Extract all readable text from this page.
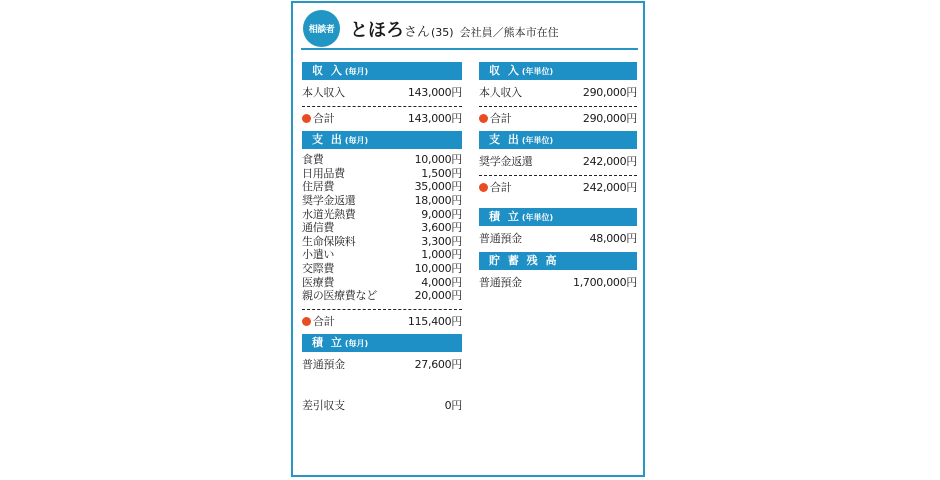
相談者 とほろさん(35) 会社員／熊本市在住
収 入(毎月)
本人収入	143,000円
合計	143,000円
支 出(毎月)
食費	10,000円
日用品費	1,500円
住居費	35,000円
奨学金返還	18,000円
水道光熱費	9,000円
通信費	3,600円
生命保険料	3,300円
小遣い	1,000円
交際費	10,000円
医療費	4,000円
親の医療費など	20,000円
合計	115,400円
積 立(毎月)
普通預金	27,600円
差引収支	0円
収 入(年単位)
本人収入	290,000円
合計	290,000円
支 出(年単位)
奨学金返還	242,000円
合計	242,000円
積 立(年単位)
普通預金	48,000円
貯 蓄 残 高
普通預金	1,700,000円
